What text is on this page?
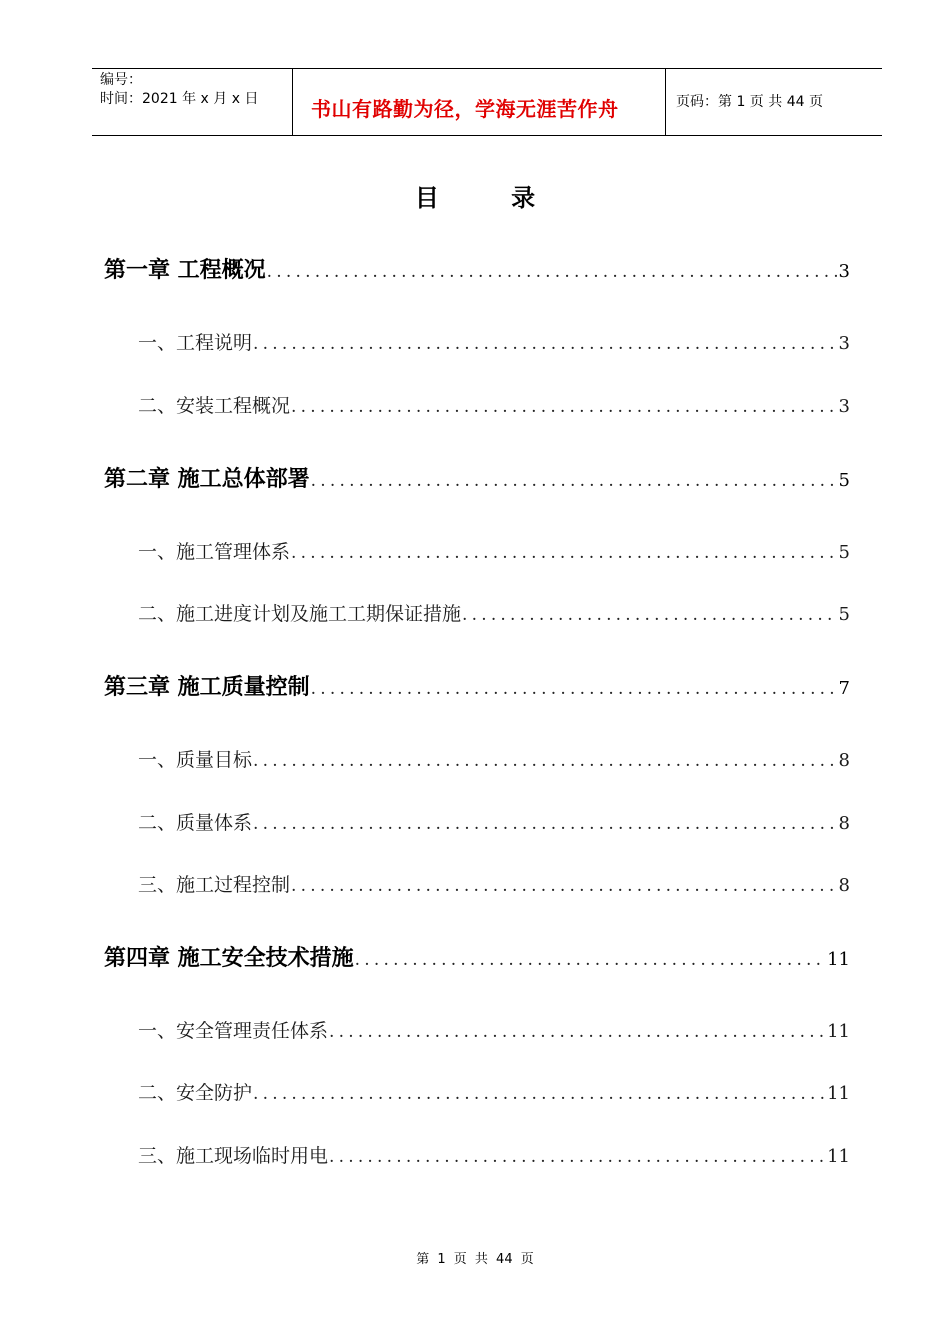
编号：
时间：2021 年 x 月 x 日	书山有路勤为径，学海无涯苦作舟	页码：第 1 页 共 44 页
目 录
第一章 工程概况 .....	3
一、工程说明 .....	3
二、安装工程概况 .....	3
第二章 施工总体部署 .....	5
一、施工管理体系 .....	5
二、施工进度计划及施工工期保证措施 .....	5
第三章 施工质量控制 .....	7
一、质量目标 .....	8
二、质量体系 .....	8
三、施工过程控制 .....	8
第四章 施工安全技术措施 .....	11
一、安全管理责任体系 .....	11
二、安全防护 .....	11
三、施工现场临时用电 .....	11
第 1 页 共 44 页
